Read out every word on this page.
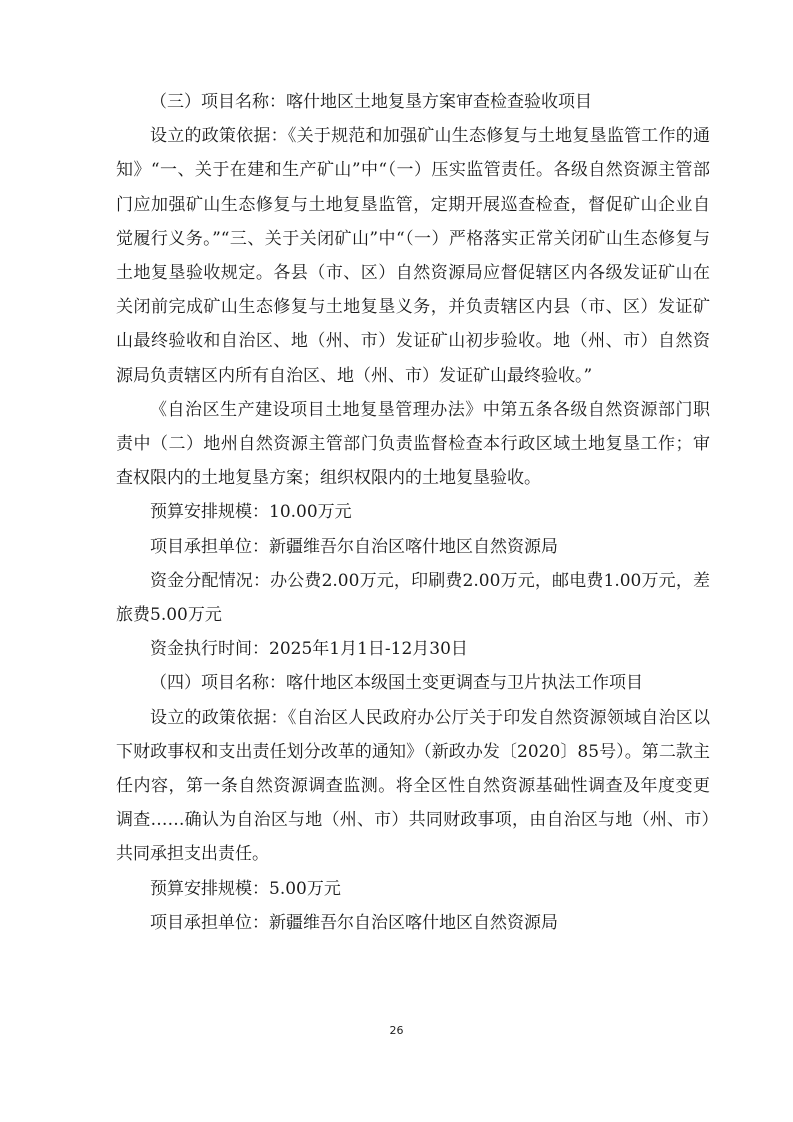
（三）项目名称：喀什地区土地复垦方案审查检查验收项目

设立的政策依据：《关于规范和加强矿山生态修复与土地复垦监管工作的通知》“一、关于在建和生产矿山”中“（一）压实监管责任。各级自然资源主管部门应加强矿山生态修复与土地复垦监管，定期开展巡查检查，督促矿山企业自觉履行义务。”“三、关于关闭矿山”中“（一）严格落实正常关闭矿山生态修复与土地复垦验收规定。各县（市、区）自然资源局应督促辖区内各级发证矿山在关闭前完成矿山生态修复与土地复垦义务，并负责辖区内县（市、区）发证矿山最终验收和自治区、地（州、市）发证矿山初步验收。地（州、市）自然资源局负责辖区内所有自治区、地（州、市）发证矿山最终验收。”

《自治区生产建设项目土地复垦管理办法》中第五条各级自然资源部门职责中（二）地州自然资源主管部门负责监督检查本行政区域土地复垦工作；审查权限内的土地复垦方案；组织权限内的土地复垦验收。

预算安排规模：10.00万元

项目承担单位：新疆维吾尔自治区喀什地区自然资源局

资金分配情况：办公费2.00万元，印刷费2.00万元，邮电费1.00万元，差旅费5.00万元

资金执行时间：2025年1月1日-12月30日

（四）项目名称：喀什地区本级国土变更调查与卫片执法工作项目

设立的政策依据：《自治区人民政府办公厅关于印发自然资源领域自治区以下财政事权和支出责任划分改革的通知》（新政办发〔2020〕85号）。第二款主任内容，第一条自然资源调查监测。将全区性自然资源基础性调查及年度变更调查……确认为自治区与地（州、市）共同财政事项，由自治区与地（州、市）共同承担支出责任。

预算安排规模：5.00万元

项目承担单位：新疆维吾尔自治区喀什地区自然资源局

26
